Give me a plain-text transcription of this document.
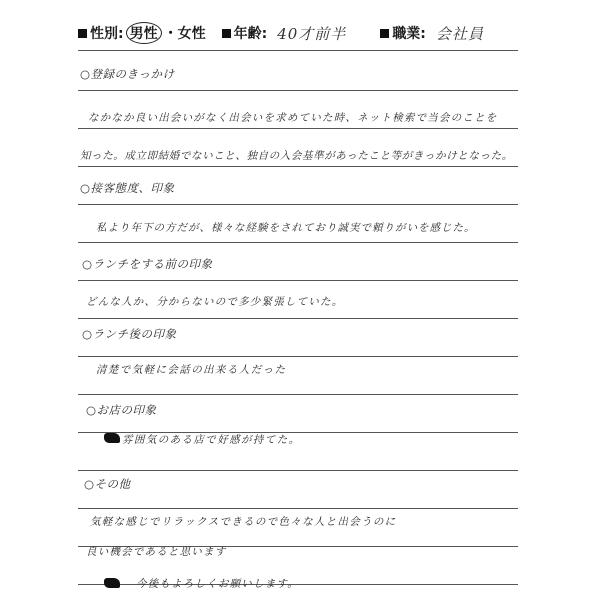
性別: 男性 ・ 女性 年齢: 40才前半	職業: 会社員
○登録のきっかけ
なかなか良い出会いがなく出会いを求めていた時、ネット検索で当会のことを
知った。成立即結婚でないこと、独自の入会基準があったこと等がきっかけとなった。
○接客態度、印象
私より年下の方だが、様々な経験をされており誠実で頼りがいを感じた。
○ランチをする前の印象
どんな人か、分からないので多少緊張していた。
○ランチ後の印象
清楚で気軽に会話の出来る人だった
○お店の印象
雰囲気のある店で好感が持てた。
○その他
気軽な感じでリラックスできるので色々な人と出会うのに
良い機会であると思います
今後もよろしくお願いします。
